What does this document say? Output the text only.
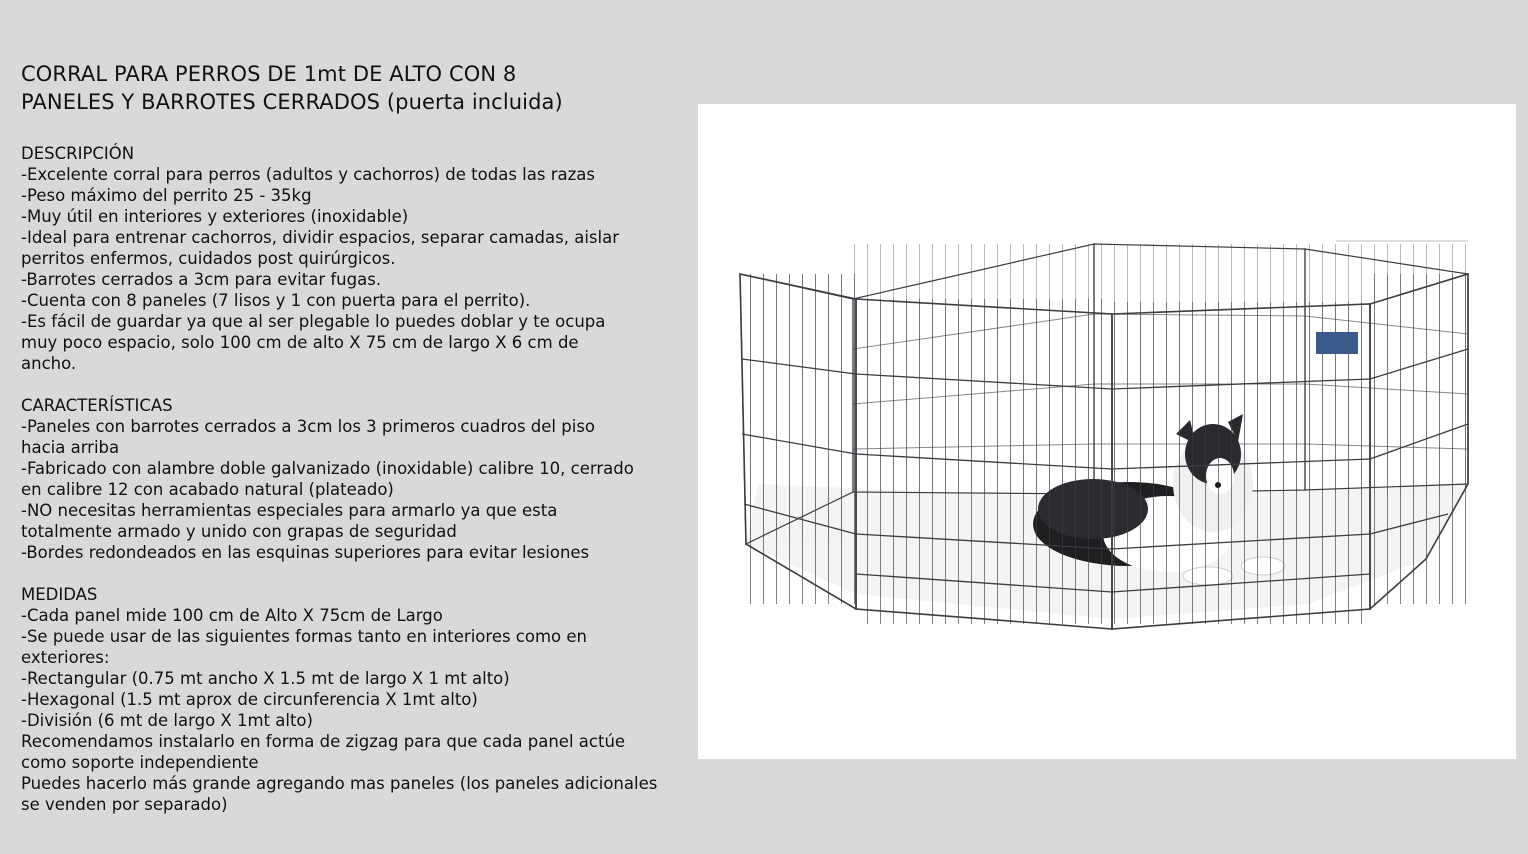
CORRAL PARA PERROS DE 1mt DE ALTO CON 8
PANELES Y BARROTES CERRADOS (puerta incluida)

DESCRIPCIÓN

-Excelente corral para perros (adultos y cachorros) de todas las razas

-Peso máximo del perrito 25 - 35kg

-Muy útil en interiores y exteriores (inoxidable)

-Ideal para entrenar cachorros, dividir espacios, separar camadas, aislar

perritos enfermos, cuidados post quirúrgicos.

-Barrotes cerrados a 3cm para evitar fugas.

-Cuenta con 8 paneles (7 lisos y 1 con puerta para el perrito).

-Es fácil de guardar ya que al ser plegable lo puedes doblar y te ocupa

muy poco espacio, solo 100 cm de alto X 75 cm de largo X 6 cm de

ancho.

CARACTERÍSTICAS

-Paneles con barrotes cerrados a 3cm los 3 primeros cuadros del piso

hacia arriba

-Fabricado con alambre doble galvanizado (inoxidable) calibre 10, cerrado

en calibre 12 con acabado natural (plateado)

-NO necesitas herramientas especiales para armarlo ya que esta

totalmente armado y unido con grapas de seguridad

-Bordes redondeados en las esquinas superiores para evitar lesiones

MEDIDAS

-Cada panel mide 100 cm de Alto X 75cm de Largo

-Se puede usar de las siguientes formas tanto en interiores como en

exteriores:

-Rectangular (0.75 mt ancho X 1.5 mt de largo X 1 mt alto)

-Hexagonal (1.5 mt aprox de circunferencia X 1mt alto)

-División (6 mt de largo X 1mt alto)

Recomendamos instalarlo en forma de zigzag para que cada panel actúe

como soporte independiente

Puedes hacerlo más grande agregando mas paneles (los paneles adicionales

se venden por separado)
